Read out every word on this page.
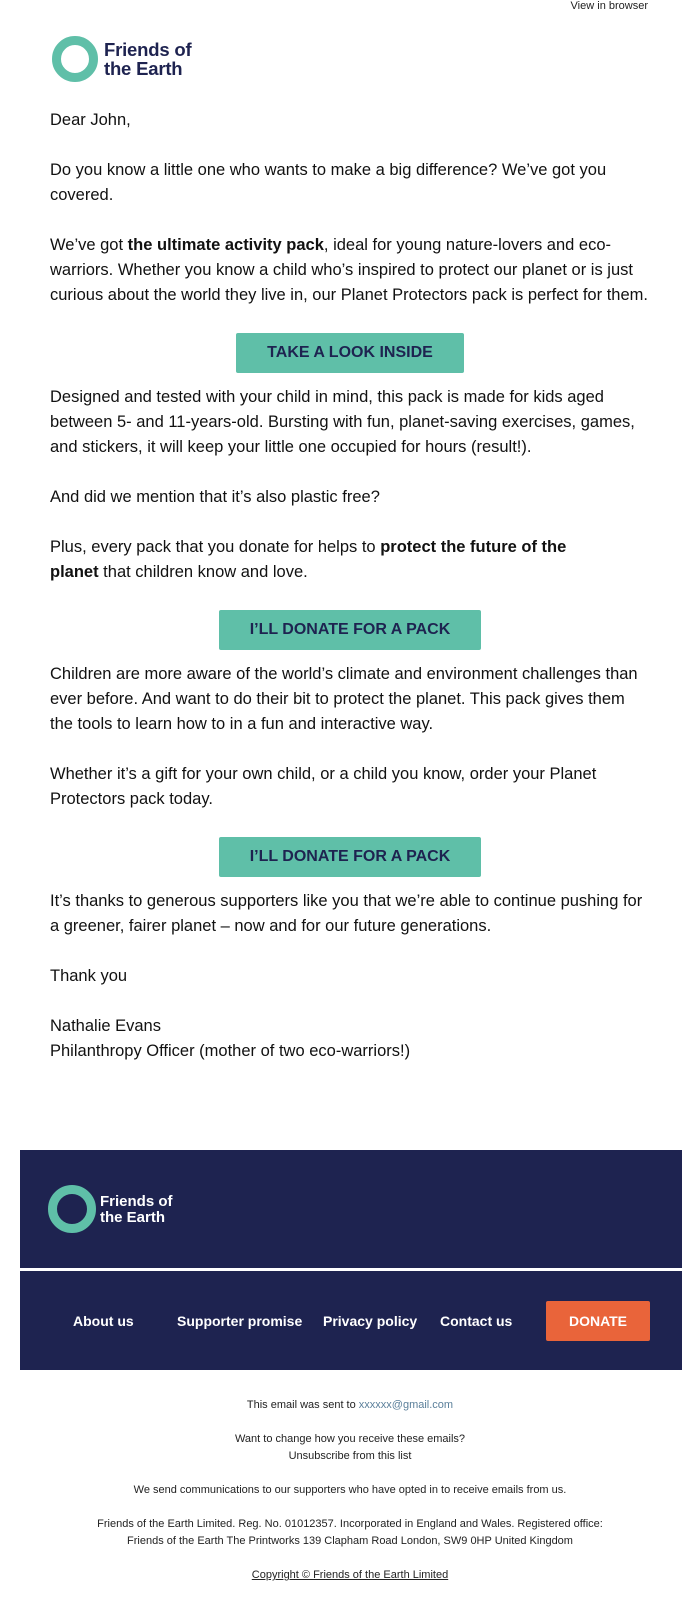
View in browser
Friends of
the Earth

Dear John,

Do you know a little one who wants to make a big difference? We’ve got you covered.

We’ve got the ultimate activity pack, ideal for young nature-lovers and eco-warriors. Whether you know a child who’s inspired to protect our planet or is just curious about the world they live in, our Planet Protectors pack is perfect for them.

TAKE A LOOK INSIDE

Designed and tested with your child in mind, this pack is made for kids aged between 5- and 11-years-old. Bursting with fun, planet-saving exercises, games, and stickers, it will keep your little one occupied for hours (result!).

And did we mention that it’s also plastic free?

Plus, every pack that you donate for helps to protect the future of the
planet that children know and love.

I’LL DONATE FOR A PACK

Children are more aware of the world’s climate and environment challenges than ever before. And want to do their bit to protect the planet. This pack gives them the tools to learn how to in a fun and interactive way.

Whether it’s a gift for your own child, or a child you know, order your Planet Protectors pack today.

I’LL DONATE FOR A PACK

It’s thanks to generous supporters like you that we’re able to continue pushing for a greener, fairer planet – now and for our future generations.

Thank you

Nathalie Evans
Philanthropy Officer (mother of two eco-warriors!)

Friends of
the Earth
About us	Supporter promise Privacy policy Contact us	DONATE

This email was sent to xxxxxx@gmail.com

Want to change how you receive these emails?
Unsubscribe from this list

We send communications to our supporters who have opted in to receive emails from us.

Friends of the Earth Limited. Reg. No. 01012357. Incorporated in England and Wales. Registered office:
Friends of the Earth The Printworks 139 Clapham Road London, SW9 0HP United Kingdom

Copyright © Friends of the Earth Limited
